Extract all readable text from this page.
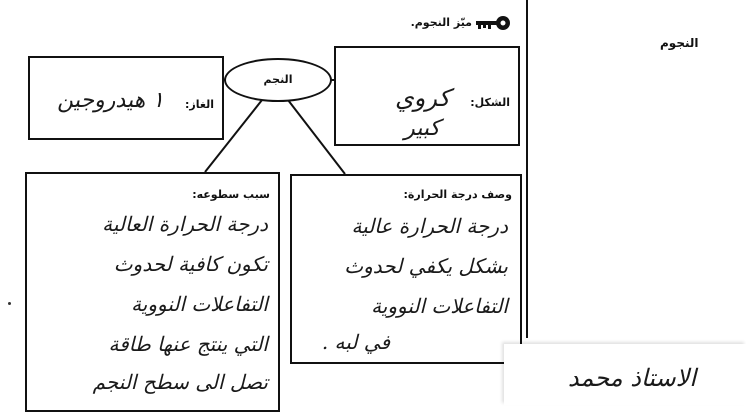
ميّز النجوم.
النجوم
النجم
الغاز:
١ هيدروجين	الشكل:
كروي
كبير
سبب سطوعه:
درجة الحرارة العالية
تكون كافية لحدوث
التفاعلات النووية
التي ينتج عنها طاقة
تصل الى سطح النجم
وصف درجة الحرارة:
درجة الحرارة عالية
بشكل يكفي لحدوث
التفاعلات النووية
في لبه .
الاستاذ محمد
